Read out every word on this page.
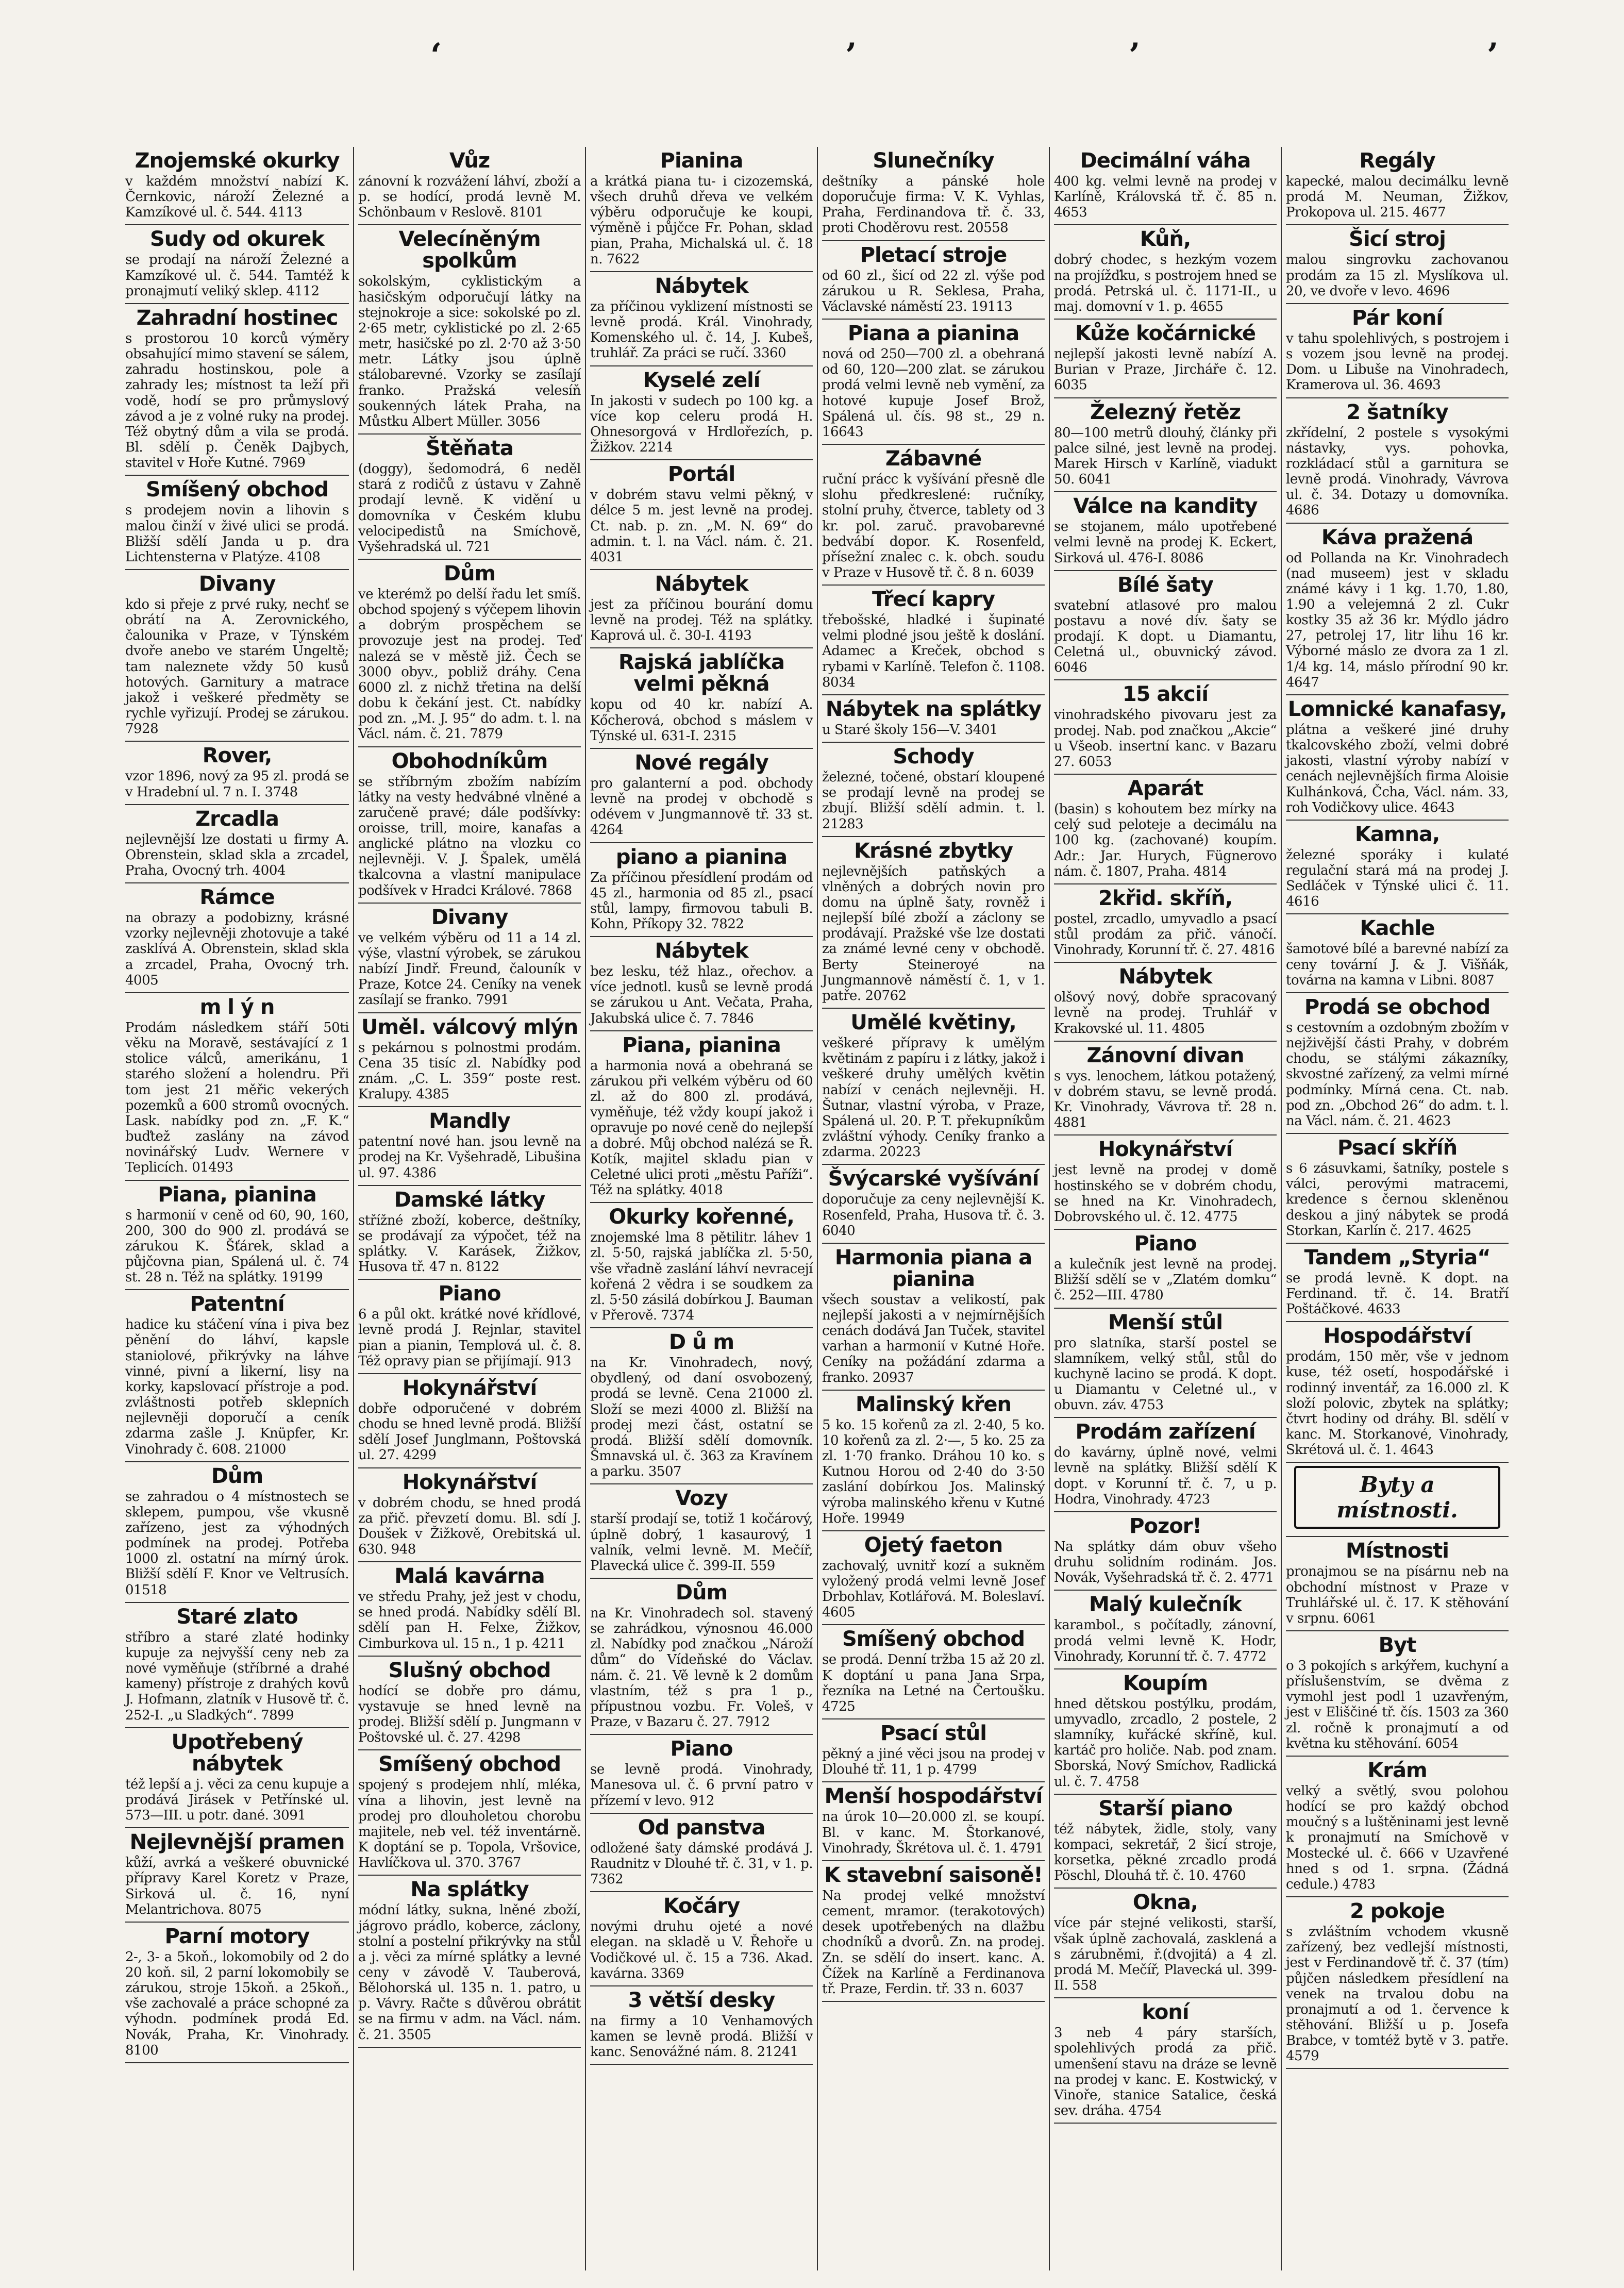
‘	’	’	’
Znojemské okurky
v každém množství nabízí K. Černkovic, nároží Železné a Kamzíkové ul. č. 544. 4113
Sudy od okurek
se prodají na nároží Železné a Kamzíkové ul. č. 544. Tamtéž k pronajmutí veliký sklep. 4112
Zahradní hostinec
s prostorou 10 korců výměry obsahující mimo stavení se sálem, zahradu hostinskou, pole a zahrady les; místnost ta leží při vodě, hodí se pro průmyslový závod a je z volné ruky na prodej. Též obytný dům a vila se prodá. Bl. sdělí p. Čeněk Dajbych, stavitel v Hoře Kutné. 7969
Smíšený obchod
s prodejem novin a lihovin s malou činží v živé ulici se prodá. Bližší sdělí Janda u p. dra Lichtensterna v Platýze. 4108
Divany
kdo si přeje z prvé ruky, nechť se obrátí na A. Zerovnického, čalounika v Praze, v Týnském dvoře anebo ve starém Ungeltě; tam naleznete vždy 50 kusů hotových. Garnitury a matrace jakož i veškeré předměty se rychle vyřizují. Prodej se zárukou. 7928
Rover,
vzor 1896, nový za 95 zl. prodá se v Hradební ul. 7 n. I. 3748
Zrcadla
nejlevnější lze dostati u firmy A. Obrenstein, sklad skla a zrcadel, Praha, Ovocný trh. 4004
Rámce
na obrazy a podobizny, krásné vzorky nejlevněji zhotovuje a také zasklívá A. Obrenstein, sklad skla a zrcadel, Praha, Ovocný trh. 4005
m l ý n
Prodám následkem stáří 50ti věku na Moravě, sestávající z 1 stolice válců, amerikánu, 1 starého složení a holendru. Při tom jest 21 měřic vekerých pozemků a 600 stromů ovocných. Lask. nabídky pod zn. „F. K.“ buďtež zaslány na závod novinářský Ludv. Wernere v Teplicích. 01493
Piana, pianina
s harmonií v ceně od 60, 90, 160, 200, 300 do 900 zl. prodává se zárukou K. Šťárek, sklad a půjčovna pian, Spálená ul. č. 74 st. 28 n. Též na splátky. 19199
Patentní
hadice ku stáčení vína i piva bez pěnění do láhví, kapsle staniolové, přikrývky na láhve vinné, pivní a likerní, lisy na korky, kapslovací přístroje a pod. zvláštnosti potřeb sklepních nejlevněji doporučí a ceník zdarma zašle J. Knüpfer, Kr. Vinohrady č. 608. 21000
Dům
se zahradou o 4 místnostech se sklepem, pumpou, vše vkusně zařízeno, jest za výhodných podmínek na prodej. Potřeba 1000 zl. ostatní na mírný úrok. Bližší sdělí F. Knor ve Veltrusích. 01518
Staré zlato
stříbro a staré zlaté hodinky kupuje za nejvyšší ceny neb za nové vyměňuje (stříbrné a drahé kameny) přístroje z drahých kovů J. Hofmann, zlatník v Husově tř. č. 252-I. „u Sladkých“. 7899
Upotřebený nábytek
též lepší a j. věci za cenu kupuje a prodává Jirásek v Petřínské ul. 573—III. u potr. dané. 3091
Nejlevnější pramen
kůží, avrká a veškeré obuvnické přípravy Karel Koretz v Praze, Sirková ul. č. 16, nyní Melantrichova. 8075
Parní motory
2-, 3- a 5koň., lokomobily od 2 do 20 koň. sil, 2 parní lokomobily se zárukou, stroje 15koň. a 25koň., vše zachovalé a práce schopné za výhodn. podmínek prodá Ed. Novák, Praha, Kr. Vinohrady. 8100
Vůz
zánovní k rozvážení láhví, zboží a p. se hodící, prodá levně M. Schönbaum v Reslově. 8101
Velecíněným spolkům
sokolským, cyklistickým a hasičským odporučují látky na stejnokroje a sice: sokolské po zl. 2·65 metr, cyklistické po zl. 2·65 metr, hasičské po zl. 2·70 až 3·50 metr. Látky jsou úplně stálobarevné. Vzorky se zasílají franko. Pražská velesíň soukenných látek Praha, na Můstku Albert Müller. 3056
Štěňata
(doggy), šedomodrá, 6 neděl stará z rodičů z ústavu v Zahně prodají levně. K vidění u domovníka v Českém klubu velocipedistů na Smíchově, Vyšehradská ul. 721
Dům
ve kterémž po delší řadu let smíš. obchod spojený s výčepem lihovin a dobrým prospěchem se provozuje jest na prodej. Teď nalezá se v městě již. Čech se 3000 obyv., pobliž dráhy. Cena 6000 zl. z nichž třetina na delší dobu k čekání jest. Ct. nabídky pod zn. „M. J. 95“ do adm. t. l. na Václ. nám. č. 21. 7879
Obohodníkům
se stříbrným zbožím nabízím látky na vesty hedvábné vlněné a zaručeně pravé; dále podšívky: oroisse, trill, moire, kanafas a anglické plátno na vlozku co nejlevněji. V. J. Špalek, umělá tkalcovna a vlastní manipulace podšívek v Hradci Králové. 7868
Divany
ve velkém výběru od 11 a 14 zl. výše, vlastní výrobek, se zárukou nabízí Jindř. Freund, čalouník v Praze, Kotce 24. Ceníky na venek zasílají se franko. 7991
Uměl. válcový mlýn
s pekárnou s polnostmi prodám. Cena 35 tisíc zl. Nabídky pod znám. „C. L. 359“ poste rest. Kralupy. 4385
Mandly
patentní nové han. jsou levně na prodej na Kr. Vyšehradě, Libušina ul. 97. 4386
Damské látky
střížné zboží, koberce, deštníky, se prodávají za výpočet, též na splátky. V. Karásek, Žižkov, Husova tř. 47 n. 8122
Piano
6 a půl okt. krátké nové křídlové, levně prodá J. Rejnlar, stavitel pian a pianin, Templová ul. č. 8. Též opravy pian se přijímají. 913
Hokynářství
dobře odporučené v dobrém chodu se hned levně prodá. Bližší sdělí Josef Junglmann, Poštovská ul. 27. 4299
Hokynářství
v dobrém chodu, se hned prodá za přič. převzetí domu. Bl. sdí J. Doušek v Žižkově, Orebitská ul. 630. 948
Malá kavárna
ve středu Prahy, jež jest v chodu, se hned prodá. Nabídky sdělí Bl. sdělí pan H. Felxe, Žižkov, Cimburkova ul. 15 n., 1 p. 4211
Slušný obchod
hodící se dobře pro dámu, vystavuje se hned levně na prodej. Bližší sdělí p. Jungmann v Poštovské ul. č. 27. 4298
Smíšený obchod
spojený s prodejem nhlí, mléka, vína a lihovin, jest levně na prodej pro dlouholetou chorobu majitele, neb vel. též inventárně. K doptání se p. Topola, Vršovice, Havlíčkova ul. 370. 3767
Na splátky
módní látky, sukna, lněné zboží, jágrovo prádlo, koberce, záclony, stolní a postelní přikrývky na stůl a j. věci za mírné splátky a levné ceny v závodě V. Tauberová, Bělohorská ul. 135 n. 1. patro, u p. Vávry. Račte s důvěrou obrátit se na firmu v adm. na Václ. nám. č. 21. 3505
Pianina
a krátká piana tu- i cizozemská, všech druhů dřeva ve velkém výběru odporučuje ke koupi, výměně i půjčce Fr. Pohan, sklad pian, Praha, Michalská ul. č. 18 n. 7622
Nábytek
za příčinou vyklizení místnosti se levně prodá. Král. Vinohrady, Komenského ul. č. 14, J. Kubeš, truhlář. Za práci se ručí. 3360
Kyselé zelí
In jakosti v sudech po 100 kg. a více kop celeru prodá H. Ohnesorgová v Hrdlořezích, p. Žižkov. 2214
Portál
v dobrém stavu velmi pěkný, v délce 5 m. jest levně na prodej. Ct. nab. p. zn. „M. N. 69“ do admin. t. l. na Václ. nám. č. 21. 4031
Nábytek
jest za příčinou bourání domu levně na prodej. Též na splátky. Kaprová ul. č. 30-I. 4193
Rajská jablíčka velmi pěkná
kopu od 40 kr. nabízí A. Kőcherová, obchod s máslem v Týnské ul. 631-I. 2315
Nové regály
pro galanterní a pod. obchody levně na prodej v obchodě s odévem v Jungmannově tř. 33 st. 4264
piano a pianina
Za příčinou přesídlení prodám od 45 zl., harmonia od 85 zl., psací stůl, lampy, firmovou tabuli B. Kohn, Příkopy 32. 7822
Nábytek
bez lesku, též hlaz., ořechov. a více jednotl. kusů se levně prodá se zárukou u Ant. Večata, Praha, Jakubská ulice č. 7. 7846
Piana, pianina
a harmonia nová a obehraná se zárukou při velkém výběru od 60 zl. až do 800 zl. prodává, vyměňuje, též vždy koupí jakož i opravuje po nové ceně do nejlepší a dobré. Můj obchod nalézá se Ř. Kotík, majitel skladu pian v Celetné ulici proti „městu Paříži“. Též na splátky. 4018
Okurky kořenné,
znojemské lma 8 pětilitr. láhev 1 zl. 5·50, rajská jablíčka zl. 5·50, vše vřadně zaslání láhví nevracejí kořená 2 vědra i se soudkem za zl. 5·50 zásilá dobírkou J. Bauman v Přerově. 7374
D ů m
na Kr. Vinohradech, nový, obydlený, od daní osvobozený, prodá se levně. Cena 21000 zl. Složí se mezi 4000 zl. Bližší na prodej mezi část, ostatní se prodá. Bližší sdělí domovník. Šmnavská ul. č. 363 za Kravínem a parku. 3507
Vozy
starší prodají se, totiž 1 kočárový, úplně dobrý, 1 kasaurový, 1 valník, velmi levně. M. Mečíř, Plavecká ulice č. 399-II. 559
Dům
na Kr. Vinohradech sol. stavený se zahrádkou, výnosnou 46.000 zl. Nabídky pod značkou „Nároží dům“ do Vídeňské do Václav. nám. č. 21. Vě levně k 2 domům vlastním, též s pra 1 p., přípustnou vozbu. Fr. Voleš, v Praze, v Bazaru č. 27. 7912
Piano
se levně prodá. Vinohrady, Manesova ul. č. 6 první patro v přízemí v levo. 912
Od panstva
odložené šaty dámské prodává J. Raudnitz v Dlouhé tř. č. 31, v 1. p. 7362
Kočáry
novými druhu ojeté a nové elegan. na skladě u V. Řehoře u Vodičkové ul. č. 15 a 736. Akad. kavárna. 3369
3 větší desky
na firmy a 10 Venhamových kamen se levně prodá. Bližší v kanc. Senovážné nám. 8. 21241
Slunečníky
deštníky a pánské hole doporučuje firma: V. K. Vyhlas, Praha, Ferdinandova tř. č. 33, proti Choděrovu rest. 20558
Pletací stroje
od 60 zl., šicí od 22 zl. výše pod zárukou u R. Seklesa, Praha, Václavské náměstí 23. 19113
Piana a pianina
nová od 250—700 zl. a obehraná od 60, 120—200 zlat. se zárukou prodá velmi levně neb vymění, za hotové kupuje Josef Brož, Spálená ul. čís. 98 st., 29 n. 16643
Zábavné
ruční prácc k vyšívání přesně dle slohu předkreslené: ručníky, stolní pruhy, čtverce, tablety od 3 kr. pol. zaruč. pravobarevné bedvábí dopor. K. Rosenfeld, přísežní znalec c. k. obch. soudu v Praze v Husově tř. č. 8 n. 6039
Třecí kapry
třebošské, hladké i šupinaté velmi plodné jsou ještě k doslání. Adamec a Kreček, obchod s rybami v Karlíně. Telefon č. 1108. 8034
Nábytek na splátky
u Staré školy 156—V. 3401
Schody
železné, točené, obstarí kloupené se prodají levně na prodej se zbují. Bližší sdělí admin. t. l. 21283
Krásné zbytky
nejlevnějších patňských a vlněných a dobrých novin pro domu na úplně šaty, rovněž i nejlepší bílé zboží a záclony se prodávají. Pražské vše lze dostati za známé levné ceny v obchodě. Berty Steineroyé na Jungmannově náměstí č. 1, v 1. patře. 20762
Umělé květiny,
veškeré přípravy k umělým květinám z papíru i z látky, jakož i veškeré druhy umělých květin nabízí v cenách nejlevněji. H. Šutnar, vlastní výroba, v Praze, Spálená ul. 20. P. T. překupníkům zvláštní výhody. Ceníky franko a zdarma. 20223
Švýcarské vyšívání
doporučuje za ceny nejlevnější K. Rosenfeld, Praha, Husova tř. č. 3. 6040
Harmonia piana a pianina
všech soustav a velikostí, pak nejlepší jakosti a v nejmírnějších cenách dodává Jan Tuček, stavitel varhan a harmonií v Kutné Hoře. Ceníky na požádání zdarma a franko. 20937
Malinský křen
5 ko. 15 kořenů za zl. 2·40, 5 ko. 10 kořenů za zl. 2·—, 5 ko. 25 za zl. 1·70 franko. Dráhou 10 ko. s Kutnou Horou od 2·40 do 3·50 zaslání dobírkou Jos. Malinský výroba malinského křenu v Kutné Hoře. 19949
Ojetý faeton
zachovalý, uvnitř kozí a sukněm vyložený prodá velmi levně Josef Drbohlav, Kotlářová. M. Boleslaví. 4605
Smíšený obchod
se prodá. Denní tržba 15 až 20 zl. K doptání u pana Jana Srpa, řezníka na Letné na Čertoušku. 4725
Psací stůl
pěkný a jiné věci jsou na prodej v Dlouhé tř. 11, 1 p. 4799
Menší hospodářství
na úrok 10—20.000 zl. se koupí. Bl. v kanc. M. Štorkanové, Vinohrady, Škrétova ul. č. 1. 4791
K stavební saisoně!
Na prodej velké množství cement, mramor. (terakotových) desek upotřebených na dlažbu chodníků a dvorů. Zn. na prodej. Zn. se sdělí do insert. kanc. A. Čížek na Karlíně a Ferdinanova tř. Praze, Ferdin. tř. 33 n. 6037
Decimální váha
400 kg. velmi levně na prodej v Karlíně, Královská tř. č. 85 n. 4653
Kůň,
dobrý chodec, s hezkým vozem na projížďku, s postrojem hned se prodá. Petrská ul. č. 1171-II., u maj. domovní v 1. p. 4655
Kůže kočárnické
nejlepší jakosti levně nabízí A. Burian v Praze, Jircháře č. 12. 6035
Železný řetěz
80—100 metrů dlouhý, články při palce silné, jest levně na prodej. Marek Hirsch v Karlíně, viadukt 50. 6041
Válce na kandity
se stojanem, málo upotřebené velmi levně na prodej K. Eckert, Sirková ul. 476-I. 8086
Bílé šaty
svatební atlasové pro malou postavu a nové dív. šaty se prodají. K dopt. u Diamantu, Celetná ul., obuvnický závod. 6046
15 akcií
vinohradského pivovaru jest za prodej. Nab. pod značkou „Akcie“ u Všeob. insertní kanc. v Bazaru 27. 6053
Aparát
(basin) s kohoutem bez mírky na celý sud peloteje a decimálu na 100 kg. (zachované) koupím. Adr.: Jar. Hurych, Fügnerovo nám. č. 1807, Praha. 4814
2křid. skříň,
postel, zrcadlo, umyvadlo a psací stůl prodám za přič. vánočí. Vinohrady, Korunní tř. č. 27. 4816
Nábytek
olšový nový, dobře spracovaný levně na prodej. Truhlář v Krakovské ul. 11. 4805
Zánovní divan
s vys. lenochem, látkou potažený, v dobrém stavu, se levně prodá. Kr. Vinohrady, Vávrova tř. 28 n. 4881
Hokynářství
jest levně na prodej v domě hostinského se v dobrém chodu, se hned na Kr. Vinohradech, Dobrovského ul. č. 12. 4775
Piano
a kulečník jest levně na prodej. Bližší sdělí se v „Zlatém domku“ č. 252—III. 4780
Menší stůl
pro slatníka, starší postel se slamníkem, velký stůl, stůl do kuchyně lacino se prodá. K dopt. u Diamantu v Celetné ul., v obuvn. záv. 4753
Prodám zařízení
do kavárny, úplně nové, velmi levně na splátky. Bližší sdělí K dopt. v Korunní tř. č. 7, u p. Hodra, Vinohrady. 4723
Pozor!
Na splátky dám obuv všeho druhu solidním rodinám. Jos. Novák, Vyšehradská tř. č. 2. 4771
Malý kulečník
karambol., s počítadly, zánovní, prodá velmi levně K. Hodr, Vinohrady, Korunní tř. č. 7. 4772
Koupím
hned dětskou postýlku, prodám, umyvadlo, zrcadlo, 2 postele, 2 slamníky, kuřácké skříně, kul. kartáč pro holiče. Nab. pod znam. Sborská, Nový Smíchov, Radlická ul. č. 7. 4758
Starší piano
též nábytek, židle, stoly, vany kompaci, sekretář, 2 šicí stroje, korsetka, pěkné zrcadlo prodá Pöschl, Dlouhá tř. č. 10. 4760
Okna,
více pár stejné velikosti, starší, však úplně zachovalá, zasklená a s zárubněmi, ř.(dvojitá) a 4 zl. prodá M. Mečíř, Plavecká ul. 399-II. 558
koní
3 neb 4 páry starších, spolehlivých prodá za přič. umenšení stavu na dráze se levně na prodej v kanc. E. Kostwický, v Vinoře, stanice Satalice, česká sev. dráha. 4754
Regály
kapecké, malou decimálku levně prodá M. Neuman, Žižkov, Prokopova ul. 215. 4677
Šicí stroj
malou singrovku zachovanou prodám za 15 zl. Myslíkova ul. 20, ve dvoře v levo. 4696
Pár koní
v tahu spolehlivých, s postrojem i s vozem jsou levně na prodej. Dom. u Libuše na Vinohradech, Kramerova ul. 36. 4693
2 šatníky
zkřídelní, 2 postele s vysokými nástavky, vys. pohovka, rozkládací stůl a garnitura se levně prodá. Vinohrady, Vávrova ul. č. 34. Dotazy u domovníka. 4686
Káva pražená
od Pollanda na Kr. Vinohradech (nad museem) jest v skladu známé kávy i 1 kg. 1.70, 1.80, 1.90 a velejemná 2 zl. Cukr kostky 35 až 36 kr. Mýdlo jádro 27, petrolej 17, litr lihu 16 kr. Výborné máslo ze dvora za 1 zl. 1/4 kg. 14, máslo přírodní 90 kr. 4647
Lomnické kanafasy,
plátna a veškeré jiné druhy tkalcovského zboží, velmi dobré jakosti, vlastní výroby nabízí v cenách nejlevnějších firma Aloisie Kulhánková, Čcha, Václ. nám. 33, roh Vodičkovy ulice. 4643
Kamna,
železné sporáky i kulaté regulační stará má na prodej J. Sedláček v Týnské ulici č. 11. 4616
Kachle
šamotové bílé a barevné nabízí za ceny tovární J. & J. Višňák, továrna na kamna v Libni. 8087
Prodá se obchod
s cestovním a ozdobným zbožím v nejživější části Prahy, v dobrém chodu, se stálými zákazníky, skvostné zařízený, za velmi mírné podmínky. Mírná cena. Ct. nab. pod zn. „Obchod 26“ do adm. t. l. na Václ. nám. č. 21. 4623
Psací skříň
s 6 zásuvkami, šatníky, postele s válci, perovými matracemi, kredence s černou skleněnou deskou a jiný nábytek se prodá Storkan, Karlín č. 217. 4625
Tandem „Styria“
se prodá levně. K dopt. na Ferdinand. tř. č. 14. Bratří Poštáčkové. 4633
Hospodářství
prodám, 150 měr, vše v jednom kuse, též osetí, hospodářské i rodinný inventář, za 16.000 zl. K složí polovic, zbytek na splátky; čtvrt hodiny od dráhy. Bl. sdělí v kanc. M. Storkanové, Vinohrady, Skrétová ul. č. 1. 4643
Byty a místnosti.
Místnosti
pronajmou se na písárnu neb na obchodní místnost v Praze v Truhlářské ul. č. 17. K stěhování v srpnu. 6061
Byt
o 3 pokojích s arkýřem, kuchyní a příslušenstvím, se dvěma z vymohl jest podl 1 uzavřeným, jest v Eliščiné tř. čís. 1503 za 360 zl. ročně k pronajmutí a od května ku stěhování. 6054
Krám
velký a světlý, svou polohou hodící se pro každý obchod moučný s a luštěninami jest levně k pronajmutí na Smíchově v Mostecké ul. č. 666 v Uzavřené hned s od 1. srpna. (Žádná cedule.) 4783
2 pokoje
s zvláštním vchodem vkusně zařízený, bez vedlejší místnosti, jest v Ferdinandově tř. č. 37 (tím) půjčen následkem přesídlení na venek na trvalou dobu na pronajmutí a od 1. července k stěhování. Bližší u p. Josefa Brabce, v tomtéž bytě v 3. patře. 4579
